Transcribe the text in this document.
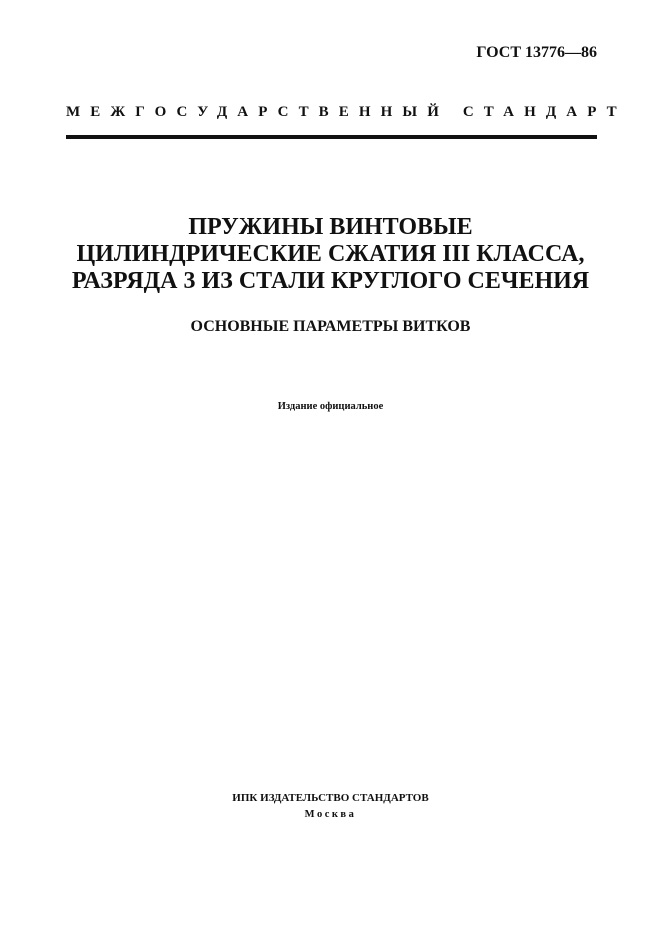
ГОСТ 13776—86
МЕЖГОСУДАРСТВЕННЫЙ СТАНДАРТ
ПРУЖИНЫ ВИНТОВЫЕ
ЦИЛИНДРИЧЕСКИЕ СЖАТИЯ III КЛАССА,
РАЗРЯДА 3 ИЗ СТАЛИ КРУГЛОГО СЕЧЕНИЯ
ОСНОВНЫЕ ПАРАМЕТРЫ ВИТКОВ
Издание официальное
ИПК ИЗДАТЕЛЬСТВО СТАНДАРТОВ
Москва
